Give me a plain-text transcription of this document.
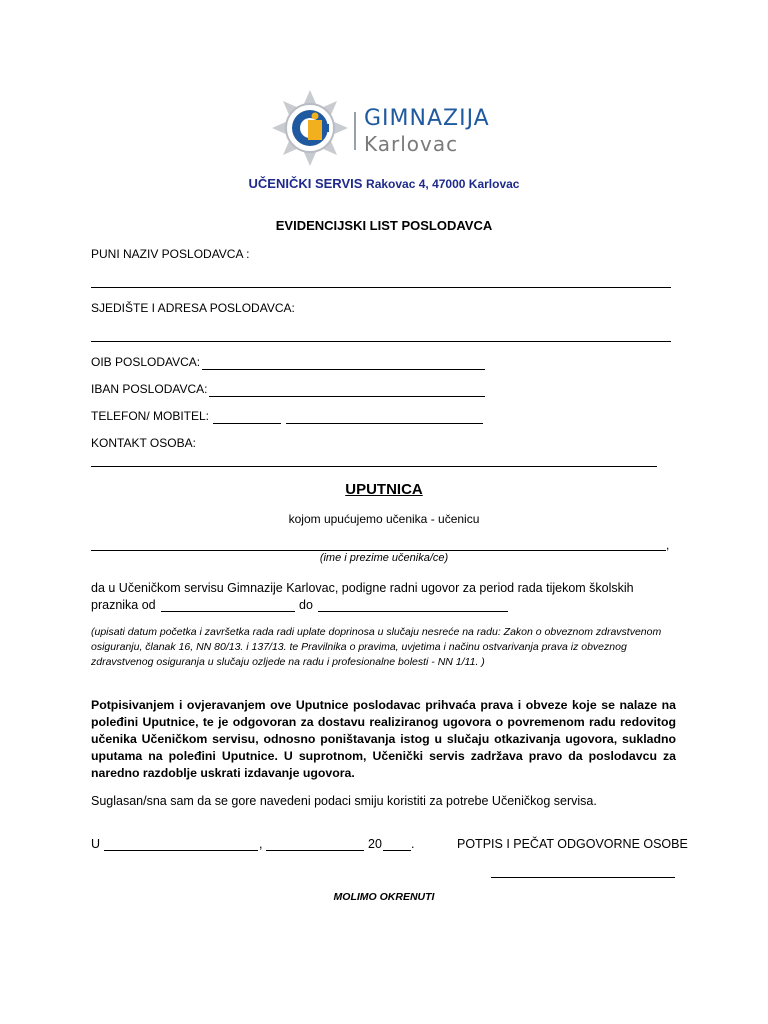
GIMNAZIJA
Karlovac
UČENIČKI SERVIS Rakovac 4, 47000 Karlovac
EVIDENCIJSKI LIST POSLODAVCA
PUNI NAZIV POSLODAVCA :
SJEDIŠTE I ADRESA POSLODAVCA:
OIB POSLODAVCA:
IBAN POSLODAVCA:
TELEFON/ MOBITEL:
KONTAKT OSOBA:
UPUTNICA
kojom upućujemo učenika - učenicu
,
(ime i prezime učenika/ce)
da u Učeničkom servisu Gimnazije Karlovac, podigne radni ugovor za period rada tijekom školskih
praznika od	do
(upisati datum početka i završetka rada radi uplate doprinosa u slučaju nesreće na radu: Zakon o obveznom zdravstvenom osiguranju, članak 16, NN 80/13. i 137/13. te Pravilnika o pravima, uvjetima i načinu ostvarivanja prava iz obveznog zdravstvenog osiguranja u slučaju ozljede na radu i profesionalne bolesti - NN 1/11. )
Potpisivanjem i ovjeravanjem ove Uputnice poslodavac prihvaća prava i obveze koje se nalaze na poleđini Uputnice, te je odgovoran za dostavu realiziranog ugovora o povremenom radu redovitog učenika Učeničkom servisu, odnosno poništavanja istog u slučaju otkazivanja ugovora, sukladno uputama na poleđini Uputnice. U suprotnom, Učenički servis zadržava pravo da poslodavcu za naredno razdoblje uskrati izdavanje ugovora.
Suglasan/sna sam da se gore navedeni podaci smiju koristiti za potrebe Učeničkog servisa.
U	,	20 .	POTPIS I PEČAT ODGOVORNE OSOBE
MOLIMO OKRENUTI
